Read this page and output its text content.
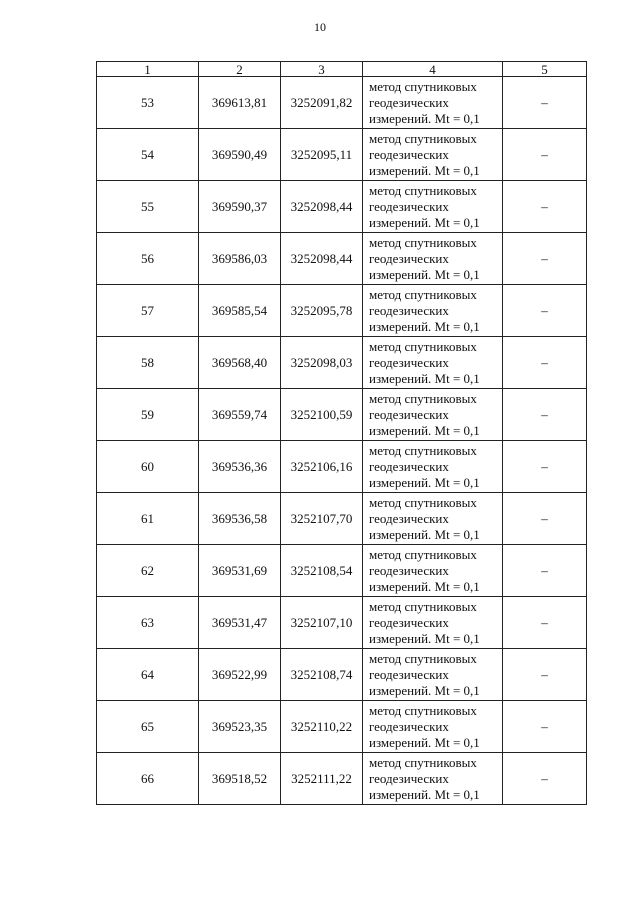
10
1	2	3	4	5
53	369613,81	3252091,82	метод спутниковых
геодезических
измерений. Mt = 0,1	–
54	369590,49	3252095,11	метод спутниковых
геодезических
измерений. Mt = 0,1	–
55	369590,37	3252098,44	метод спутниковых
геодезических
измерений. Mt = 0,1	–
56	369586,03	3252098,44	метод спутниковых
геодезических
измерений. Mt = 0,1	–
57	369585,54	3252095,78	метод спутниковых
геодезических
измерений. Mt = 0,1	–
58	369568,40	3252098,03	метод спутниковых
геодезических
измерений. Mt = 0,1	–
59	369559,74	3252100,59	метод спутниковых
геодезических
измерений. Mt = 0,1	–
60	369536,36	3252106,16	метод спутниковых
геодезических
измерений. Mt = 0,1	–
61	369536,58	3252107,70	метод спутниковых
геодезических
измерений. Mt = 0,1	–
62	369531,69	3252108,54	метод спутниковых
геодезических
измерений. Mt = 0,1	–
63	369531,47	3252107,10	метод спутниковых
геодезических
измерений. Mt = 0,1	–
64	369522,99	3252108,74	метод спутниковых
геодезических
измерений. Mt = 0,1	–
65	369523,35	3252110,22	метод спутниковых
геодезических
измерений. Mt = 0,1	–
66	369518,52	3252111,22	метод спутниковых
геодезических
измерений. Mt = 0,1	–
